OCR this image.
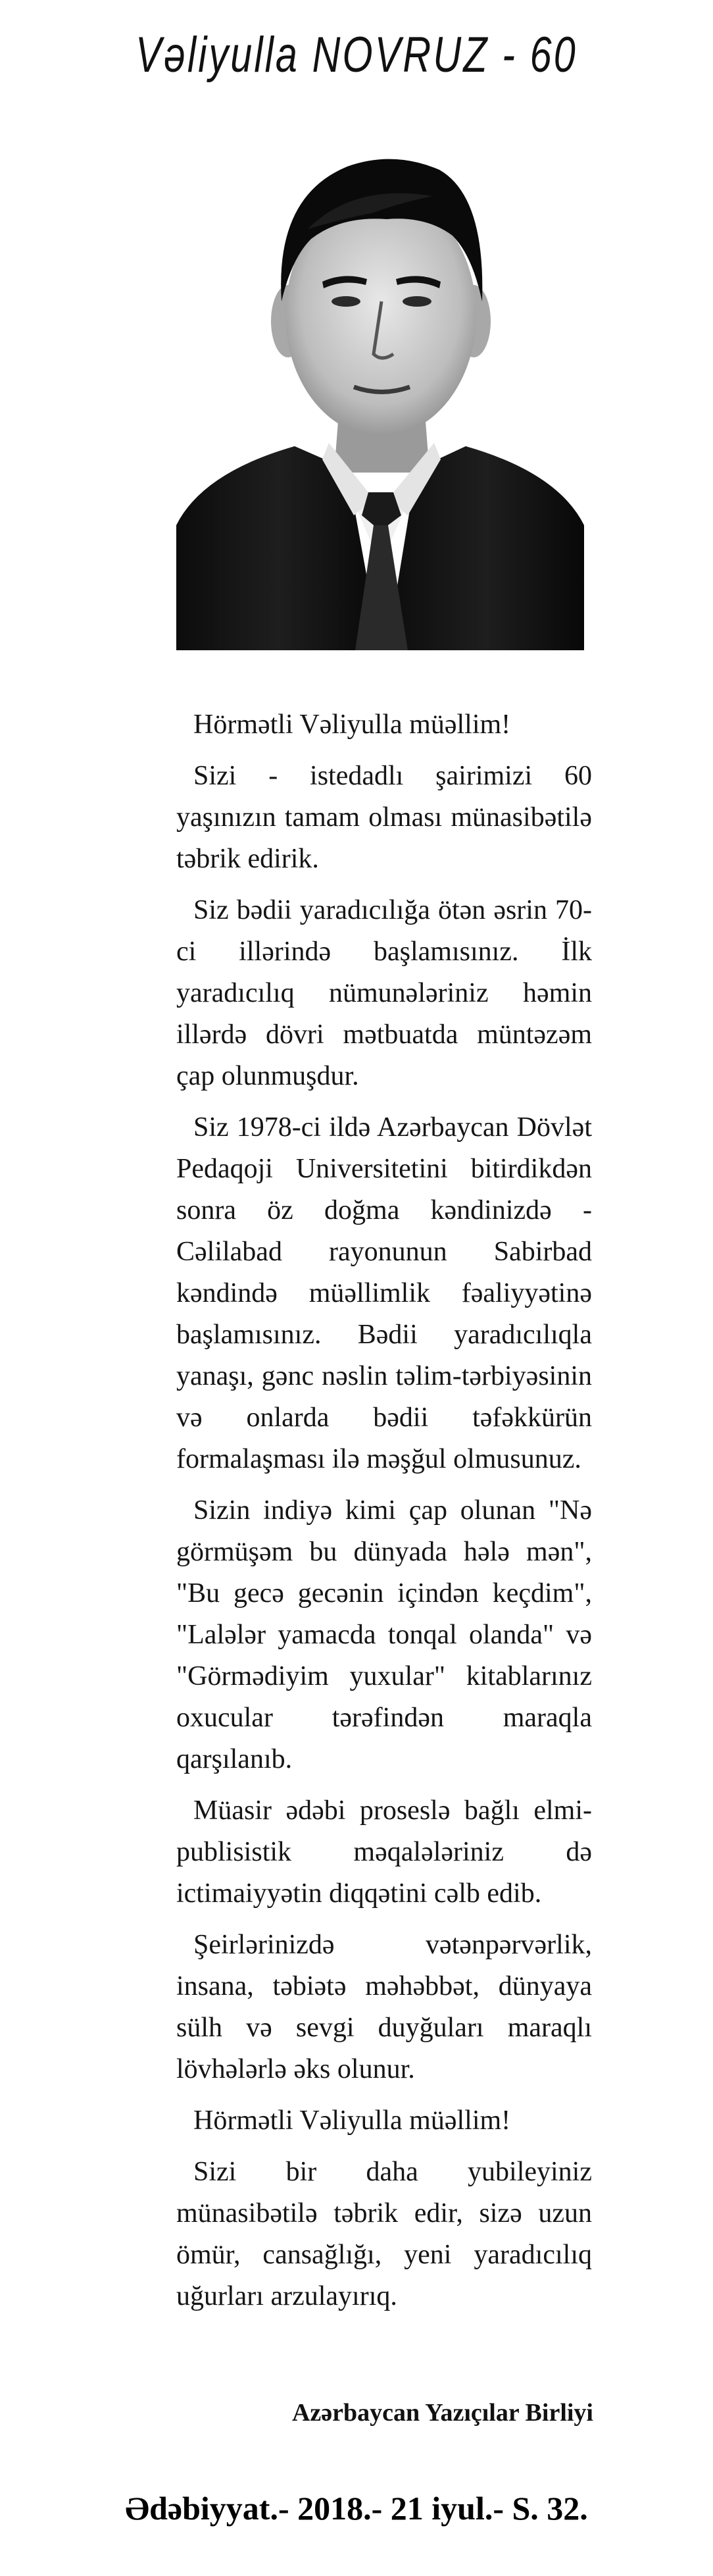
Vəliyulla NOVRUZ - 60

Hörmətli Vəliyulla müəllim!

Sizi - istedadlı şairimizi 60 yaşınızın tamam olması münasibətilə təbrik edirik.

Siz bədii yaradıcılığa ötən əsrin 70-ci illərində başlamısınız. İlk yaradıcılıq nümunələriniz həmin illərdə dövri mətbuatda müntəzəm çap olunmuşdur.

Siz 1978-ci ildə Azərbaycan Dövlət Pedaqoji Universitetini bitirdikdən sonra öz doğma kəndinizdə - Cəlilabad rayonunun Sabirbad kəndində müəllimlik fəaliyyətinə başlamısınız. Bədii yaradıcılıqla yanaşı, gənc nəslin təlim-tərbiyəsinin və onlarda bədii təfəkkürün formalaşması ilə məşğul olmusunuz.

Sizin indiyə kimi çap olunan "Nə görmüşəm bu dünyada hələ mən", "Bu gecə gecənin içindən keçdim", "Lalələr yamacda tonqal olanda" və "Görmədiyim yuxular" kitablarınız oxucular tərəfindən maraqla qarşılanıb.

Müasir ədəbi proseslə bağlı elmi-publisistik məqalələriniz də ictimaiyyətin diqqətini cəlb edib.

Şeirlərinizdə vətənpərvərlik, insana, təbiətə məhəbbət, dünyaya sülh və sevgi duyğuları maraqlı lövhələrlə əks olunur.

Hörmətli Vəliyulla müəllim!

Sizi bir daha yubileyiniz münasibətilə təbrik edir, sizə uzun ömür, cansağlığı, yeni yaradıcılıq uğurları arzulayırıq.

Azərbaycan Yazıçılar Birliyi
Ədəbiyyat.- 2018.- 21 iyul.- S. 32.
